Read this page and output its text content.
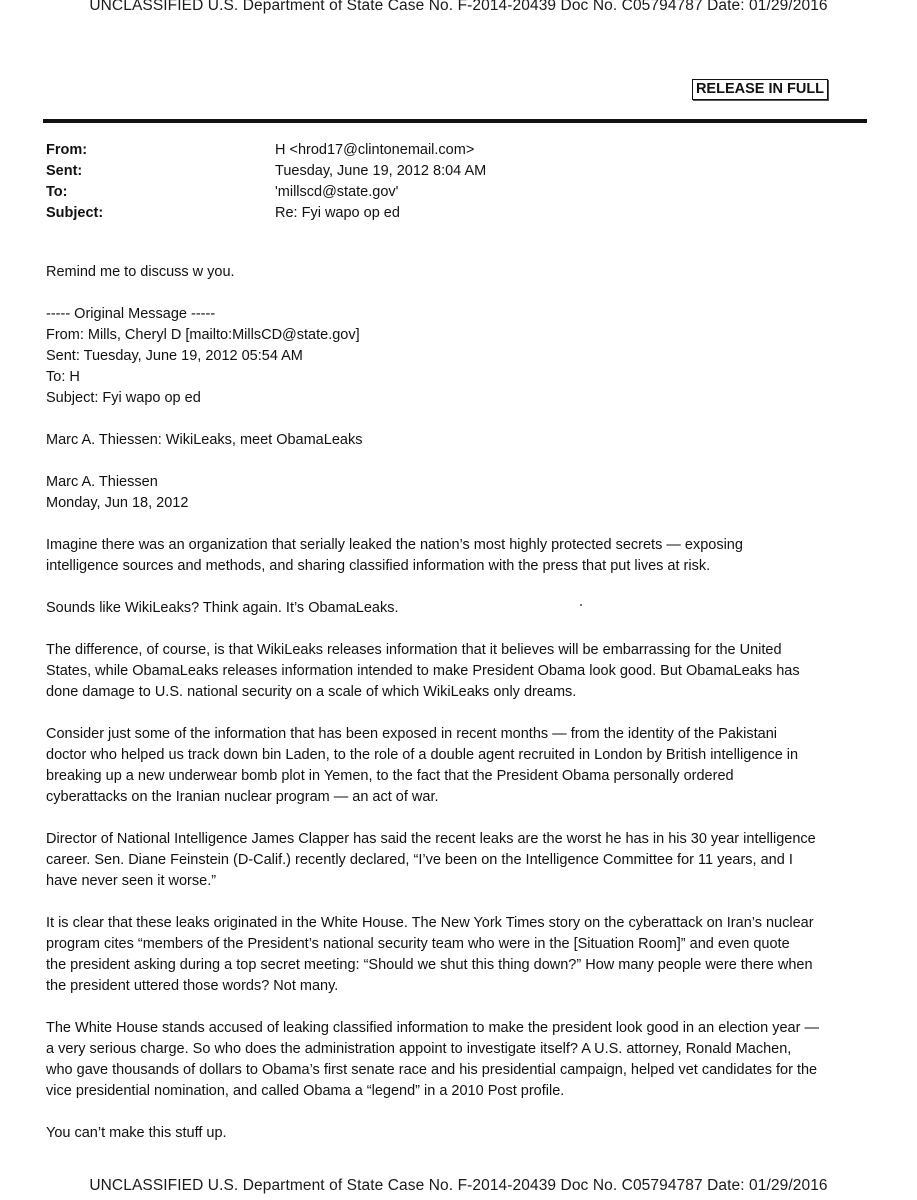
UNCLASSIFIED U.S. Department of State Case No. F-2014-20439 Doc No. C05794787 Date: 01/29/2016
RELEASE IN FULL
From:	H <hrod17@clintonemail.com>
Sent:	Tuesday, June 19, 2012 8:04 AM
To:	'millscd@state.gov'
Subject:	Re: Fyi wapo op ed

Remind me to discuss w you.

----- Original Message -----
From: Mills, Cheryl D [mailto:MillsCD@state.gov]
Sent: Tuesday, June 19, 2012 05:54 AM
To: H
Subject: Fyi wapo op ed

Marc A. Thiessen: WikiLeaks, meet ObamaLeaks

Marc A. Thiessen
Monday, Jun 18, 2012

Imagine there was an organization that serially leaked the nation’s most highly protected secrets — exposing
intelligence sources and methods, and sharing classified information with the press that put lives at risk.

Sounds like WikiLeaks? Think again. It’s ObamaLeaks.

The difference, of course, is that WikiLeaks releases information that it believes will be embarrassing for the United
States, while ObamaLeaks releases information intended to make President Obama look good. But ObamaLeaks has
done damage to U.S. national security on a scale of which WikiLeaks only dreams.

Consider just some of the information that has been exposed in recent months — from the identity of the Pakistani
doctor who helped us track down bin Laden, to the role of a double agent recruited in London by British intelligence in
breaking up a new underwear bomb plot in Yemen, to the fact that the President Obama personally ordered
cyberattacks on the Iranian nuclear program — an act of war.

Director of National Intelligence James Clapper has said the recent leaks are the worst he has in his 30 year intelligence
career. Sen. Diane Feinstein (D-Calif.) recently declared, “I’ve been on the Intelligence Committee for 11 years, and I
have never seen it worse.”

It is clear that these leaks originated in the White House. The New York Times story on the cyberattack on Iran’s nuclear
program cites “members of the President’s national security team who were in the [Situation Room]” and even quote
the president asking during a top secret meeting: “Should we shut this thing down?” How many people were there when
the president uttered those words? Not many.

The White House stands accused of leaking classified information to make the president look good in an election year —
a very serious charge. So who does the administration appoint to investigate itself? A U.S. attorney, Ronald Machen,
who gave thousands of dollars to Obama’s first senate race and his presidential campaign, helped vet candidates for the
vice presidential nomination, and called Obama a “legend” in a 2010 Post profile.

You can’t make this stuff up.

UNCLASSIFIED U.S. Department of State Case No. F-2014-20439 Doc No. C05794787 Date: 01/29/2016
